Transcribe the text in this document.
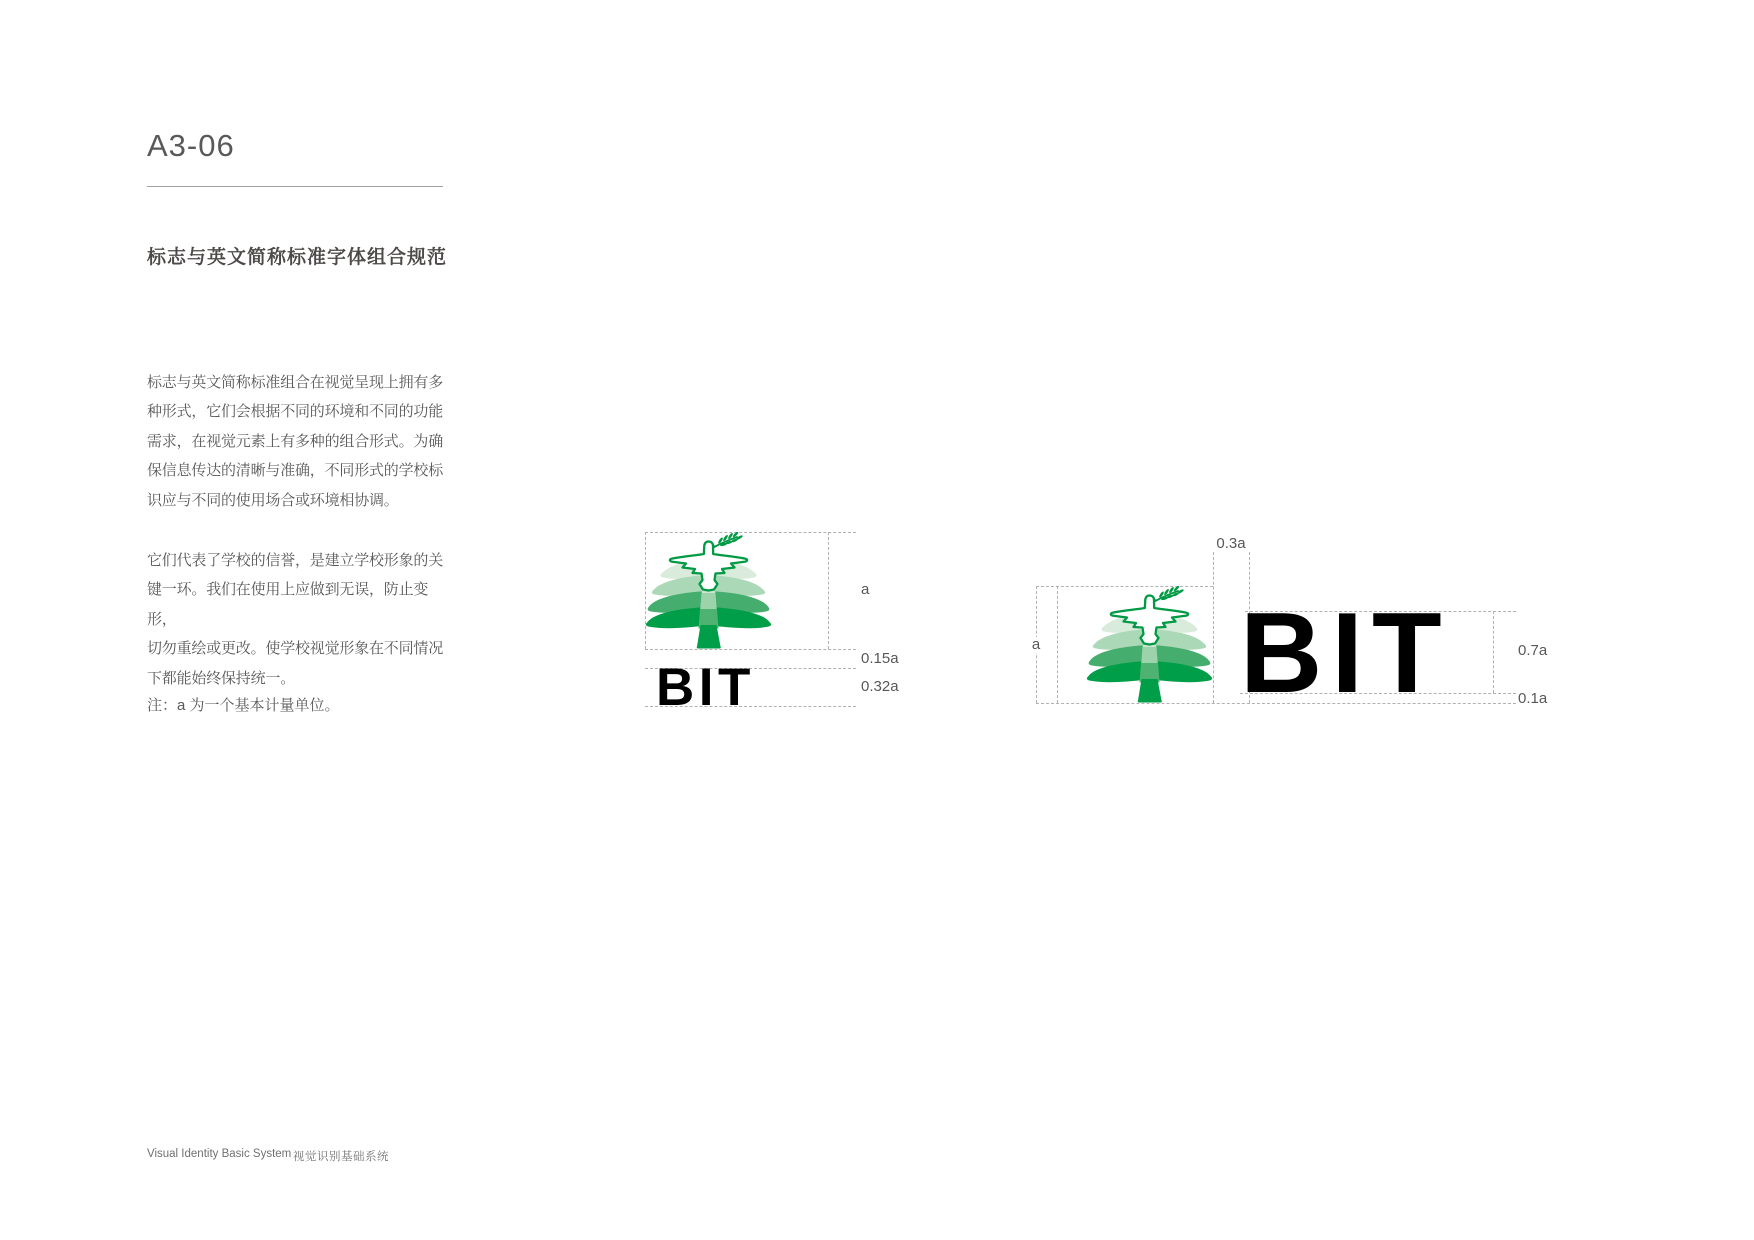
A3-06
标志与英文简称标准字体组合规范
标志与英文简称标准组合在视觉呈现上拥有多
种形式，它们会根据不同的环境和不同的功能
需求，在视觉元素上有多种的组合形式。为确
保信息传达的清晰与准确，不同形式的学校标
识应与不同的使用场合或环境相协调。
它们代表了学校的信誉，是建立学校形象的关
键一环。我们在使用上应做到无误，防止变形，
切勿重绘或更改。使学校视觉形象在不同情况
下都能始终保持统一。
注：a 为一个基本计量单位。
Visual Identity Basic System 视觉识别基础系统
BIT
a
0.15a
0.32a	BIT
0.3a
a	0.7a
0.1a
